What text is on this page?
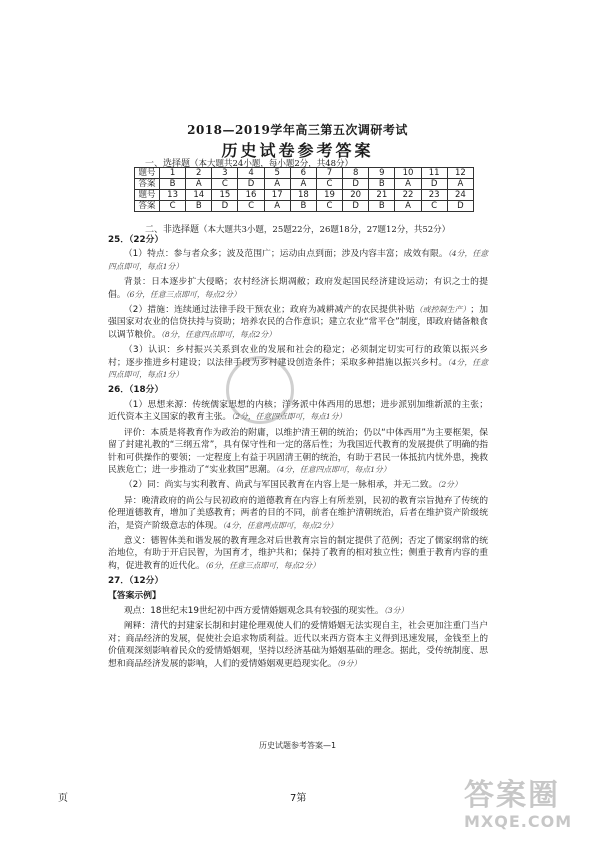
2018—2019学年高三第五次调研考试
历史试卷参考答案
一、选择题（本大题共24小题，每小题2分，共48分）
题号	1	2	3	4	5	6	7	8	9	10	11	12
答案	B	A	C	D	A	A	C	D	B	A	D	A
题号	13	14	15	16	17	18	19	20	21	22	23	24
答案	C	B	D	C	A	B	C	D	B	A	C	D
二、非选择题（本大题共3小题，25题22分，26题18分，27题12分，共52分）

25．（22分）

（1）特点：参与者众多；波及范围广；运动由点到面；涉及内容丰富；成效有限。（4分，任意四点即可，每点1分）

背景：日本逐步扩大侵略；农村经济长期凋敝；政府发起国民经济建设运动；有识之士的提倡。（6分，任意三点即可，每点2分）

（2）措施：连续通过法律手段干预农业；政府为减耕减产的农民提供补贴（或控制生产）；加强国家对农业的信贷扶持与资助；培养农民的合作意识；建立农业“常平仓”制度，即政府储备粮食以调节粮价。（8分，任意四点即可，每点2分）

（3）认识：乡村振兴关系到农业的发展和社会的稳定；必须制定切实可行的政策以振兴乡村；逐步推进乡村建设；以法律手段为乡村建设创造条件；采取多种措施以振兴乡村。（4分，任意四点即可，每点1分）

26．（18分）

（1）思想来源：传统儒家思想的内核；洋务派中体西用的思想；进步派别加维新派的主张；近代资本主义国家的教育主张。（2分，任意四点即可，每点1分）

评价：本质是将教育作为政治的附庸，以维护清王朝的统治；仍以“中体西用”为主要框架，保留了封建礼教的“三纲五常”，具有保守性和一定的落后性；为我国近代教育的发展提供了明确的指针和可供操作的要领；一定程度上有益于巩固清王朝的统治，有助于君民一体抵抗内忧外患，挽救民族危亡；进一步推动了“实业救国”思潮。（4分，任意四点即可，每点1分）

（2）同：尚实与实利教育、尚武与军国民教育在内容上是一脉相承，并无二致。（2分）

异：晚清政府的尚公与民初政府的道德教育在内容上有所差别，民初的教育宗旨抛弃了传统的伦理道德教育，增加了美感教育；两者的目的不同，前者在维护清朝统治，后者在维护资产阶级统治，是资产阶级意志的体现。（4分，任意两点即可，每点2分）

意义：德智体美和谐发展的教育理念对后世教育宗旨的制定提供了范例；否定了儒家纲常的统治地位，有助于开启民智，为国育才，维护共和；保持了教育的相对独立性；侧重于教育内容的重构，促进教育的近代化。（6分，任意三点即可，每点2分）

27．（12分）

【答案示例】

观点：18世纪末19世纪初中西方爱情婚姻观念具有较强的现实性。（3分）

阐释：清代的封建家长制和封建伦理观使人们的爱情婚姻无法实现自主，社会更加注重门当户对；商品经济的发展，促使社会追求物质利益。近代以来西方资本主义得到迅速发展，金钱至上的价值观深刻影响着民众的爱情婚姻观，坚持以经济基础为婚姻基础的理念。据此，受传统制度、思想和商品经济发展的影响，人们的爱情婚姻观更趋现实化。（9分）

历史试题参考答案—1
页	7第	答案圈
MXQE.COM
